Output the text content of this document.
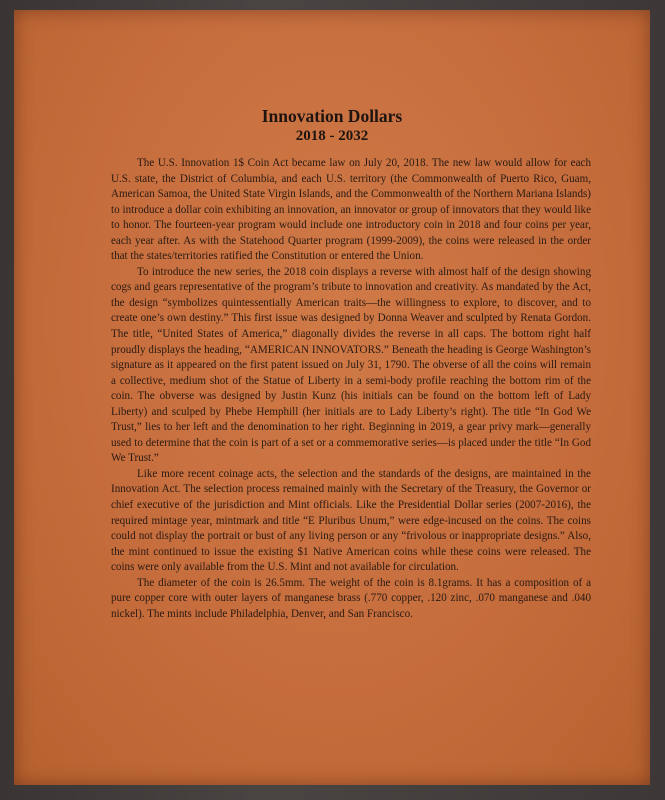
Innovation Dollars
2018 - 2032

The U.S. Innovation 1$ Coin Act became law on July 20, 2018. The new law would allow for each U.S. state, the District of Columbia, and each U.S. territory (the Commonwealth of Puerto Rico, Guam, American Samoa, the United State Virgin Islands, and the Commonwealth of the Northern Mariana Islands) to introduce a dollar coin exhibiting an innovation, an innovator or group of innovators that they would like to honor. The fourteen-year program would include one introductory coin in 2018 and four coins per year, each year after. As with the Statehood Quarter program (1999-2009), the coins were released in the order that the states/territories ratified the Constitution or entered the Union.

To introduce the new series, the 2018 coin displays a reverse with almost half of the design showing cogs and gears representative of the program’s tribute to innovation and creativity. As mandated by the Act, the design “symbolizes quintessentially American traits—the willingness to explore, to discover, and to create one’s own destiny.” This first issue was designed by Donna Weaver and sculpted by Renata Gordon. The title, “United States of America,” diagonally divides the reverse in all caps. The bottom right half proudly displays the heading, “AMERICAN INNOVATORS.” Beneath the heading is George Washington’s signature as it appeared on the first patent issued on July 31, 1790. The obverse of all the coins will remain a collective, medium shot of the Statue of Liberty in a semi-body profile reaching the bottom rim of the coin. The obverse was designed by Justin Kunz (his initials can be found on the bottom left of Lady Liberty) and sculped by Phebe Hemphill (her initials are to Lady Liberty’s right). The title “In God We Trust,” lies to her left and the denomination to her right. Beginning in 2019, a gear privy mark—generally used to determine that the coin is part of a set or a commemorative series—is placed under the title “In God We Trust.”

Like more recent coinage acts, the selection and the standards of the designs, are maintained in the Innovation Act. The selection process remained mainly with the Secretary of the Treasury, the Governor or chief executive of the jurisdiction and Mint officials. Like the Presidential Dollar series (2007-2016), the required mintage year, mintmark and title “E Pluribus Unum,” were edge-incused on the coins. The coins could not display the portrait or bust of any living person or any “frivolous or inappropriate designs.” Also, the mint continued to issue the existing $1 Native American coins while these coins were released. The coins were only available from the U.S. Mint and not available for circulation.

The diameter of the coin is 26.5mm. The weight of the coin is 8.1grams. It has a composition of a pure copper core with outer layers of manganese brass (.770 copper, .120 zinc, .070 manganese and .040 nickel). The mints include Philadelphia, Denver, and San Francisco.
